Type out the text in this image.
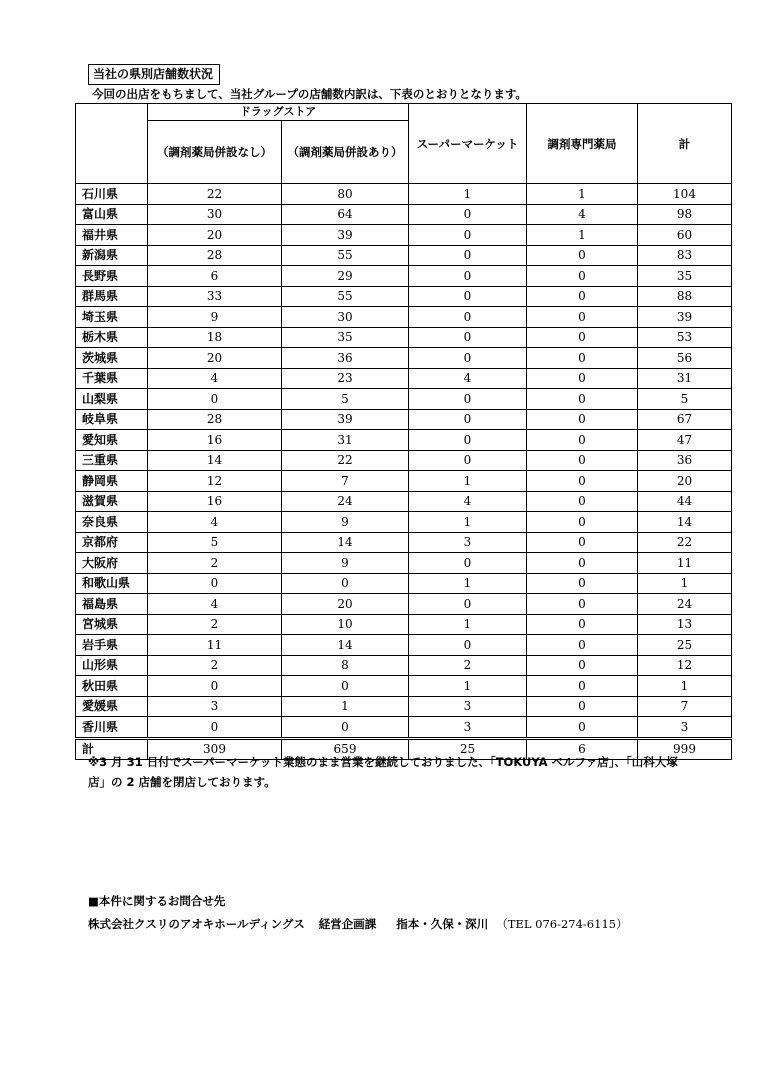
当社の県別店舗数状況
今回の出店をもちまして、当社グループの店舗数内訳は、下表のとおりとなります。
	ドラッグストア		スーパーマーケット	調剤専門薬局	計
	（調剤薬局併設なし）	（調剤薬局併設あり）			
石川県	22	80	1	1	104
富山県	30	64	0	4	98
福井県	20	39	0	1	60
新潟県	28	55	0	0	83
長野県	6	29	0	0	35
群馬県	33	55	0	0	88
埼玉県	9	30	0	0	39
栃木県	18	35	0	0	53
茨城県	20	36	0	0	56
千葉県	4	23	4	0	31
山梨県	0	5	0	0	5
岐阜県	28	39	0	0	67
愛知県	16	31	0	0	47
三重県	14	22	0	0	36
静岡県	12	7	1	0	20
滋賀県	16	24	4	0	44
奈良県	4	9	1	0	14
京都府	5	14	3	0	22
大阪府	2	9	0	0	11
和歌山県	0	0	1	0	1
福島県	4	20	0	0	24
宮城県	2	10	1	0	13
岩手県	11	14	0	0	25
山形県	2	8	2	0	12
秋田県	0	0	1	0	1
愛媛県	3	1	3	0	7
香川県	0	0	3	0	3
計	309	659	25	6	999
※3 月 31 日付でスーパーマーケット業態のまま営業を継続しておりました、「TOKUYA ベルファ店」、「山科大塚店」の 2 店舗を閉店しております。
■本件に関するお問合せ先
株式会社クスリのアオキホールディングス 経営企画課 指本・久保・深川 （TEL 076-274-6115）
